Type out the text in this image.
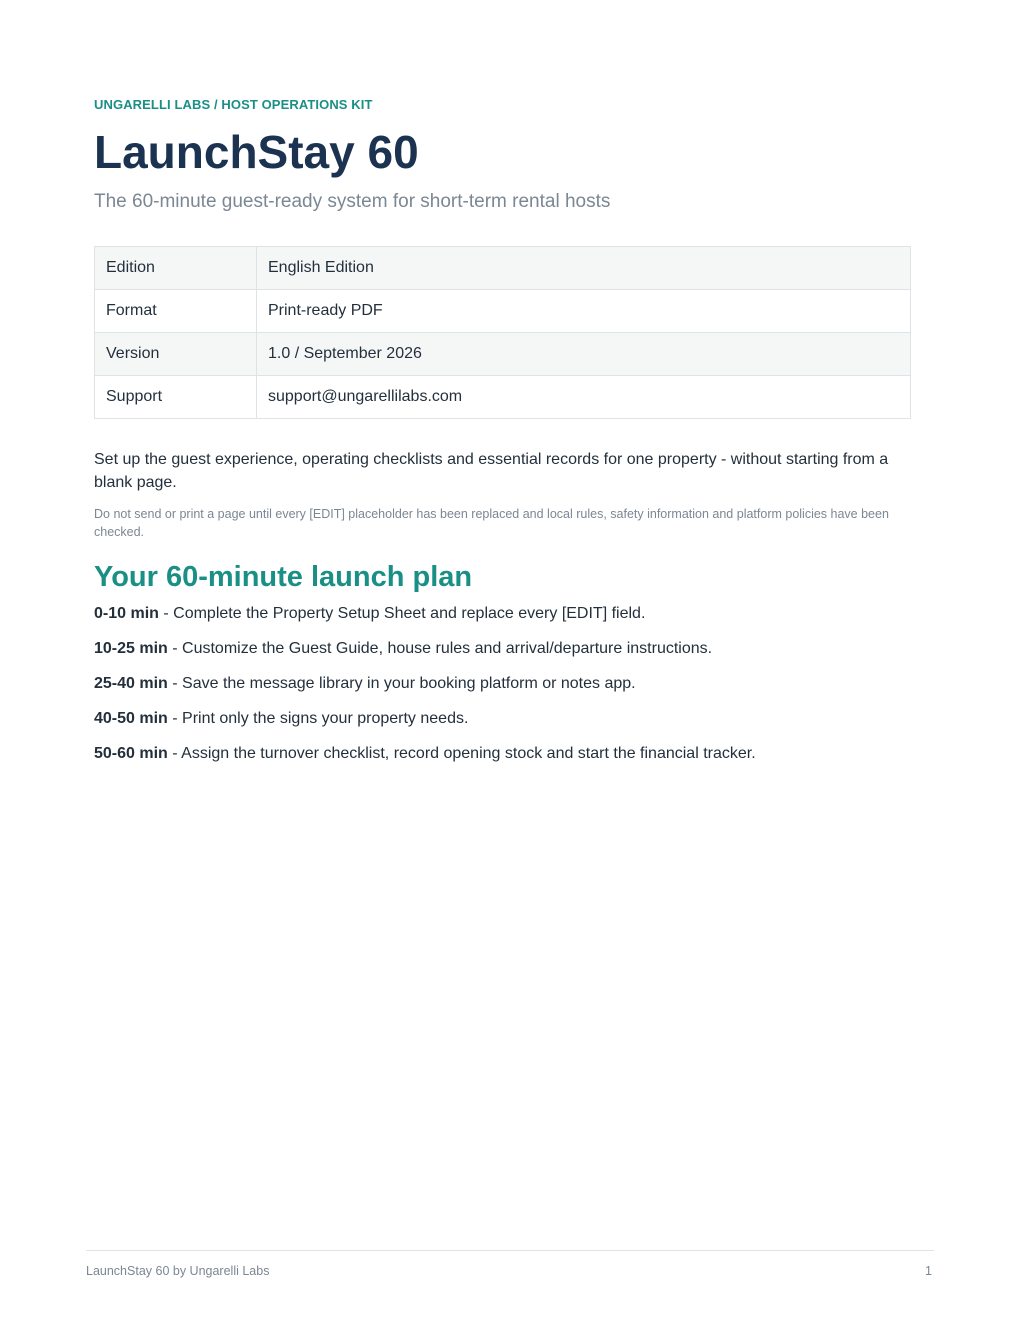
UNGARELLI LABS / HOST OPERATIONS KIT
LaunchStay 60
The 60-minute guest-ready system for short-term rental hosts
Edition	English Edition
Format	Print-ready PDF
Version	1.0 / September 2026
Support	support@ungarellilabs.com
Set up the guest experience, operating checklists and essential records for one property - without starting from a blank page.
Do not send or print a page until every [EDIT] placeholder has been replaced and local rules, safety information and platform policies have been checked.
Your 60-minute launch plan
0-10 min - Complete the Property Setup Sheet and replace every [EDIT] field.
10-25 min - Customize the Guest Guide, house rules and arrival/departure instructions.
25-40 min - Save the message library in your booking platform or notes app.
40-50 min - Print only the signs your property needs.
50-60 min - Assign the turnover checklist, record opening stock and start the financial tracker.
LaunchStay 60 by Ungarelli Labs	1
